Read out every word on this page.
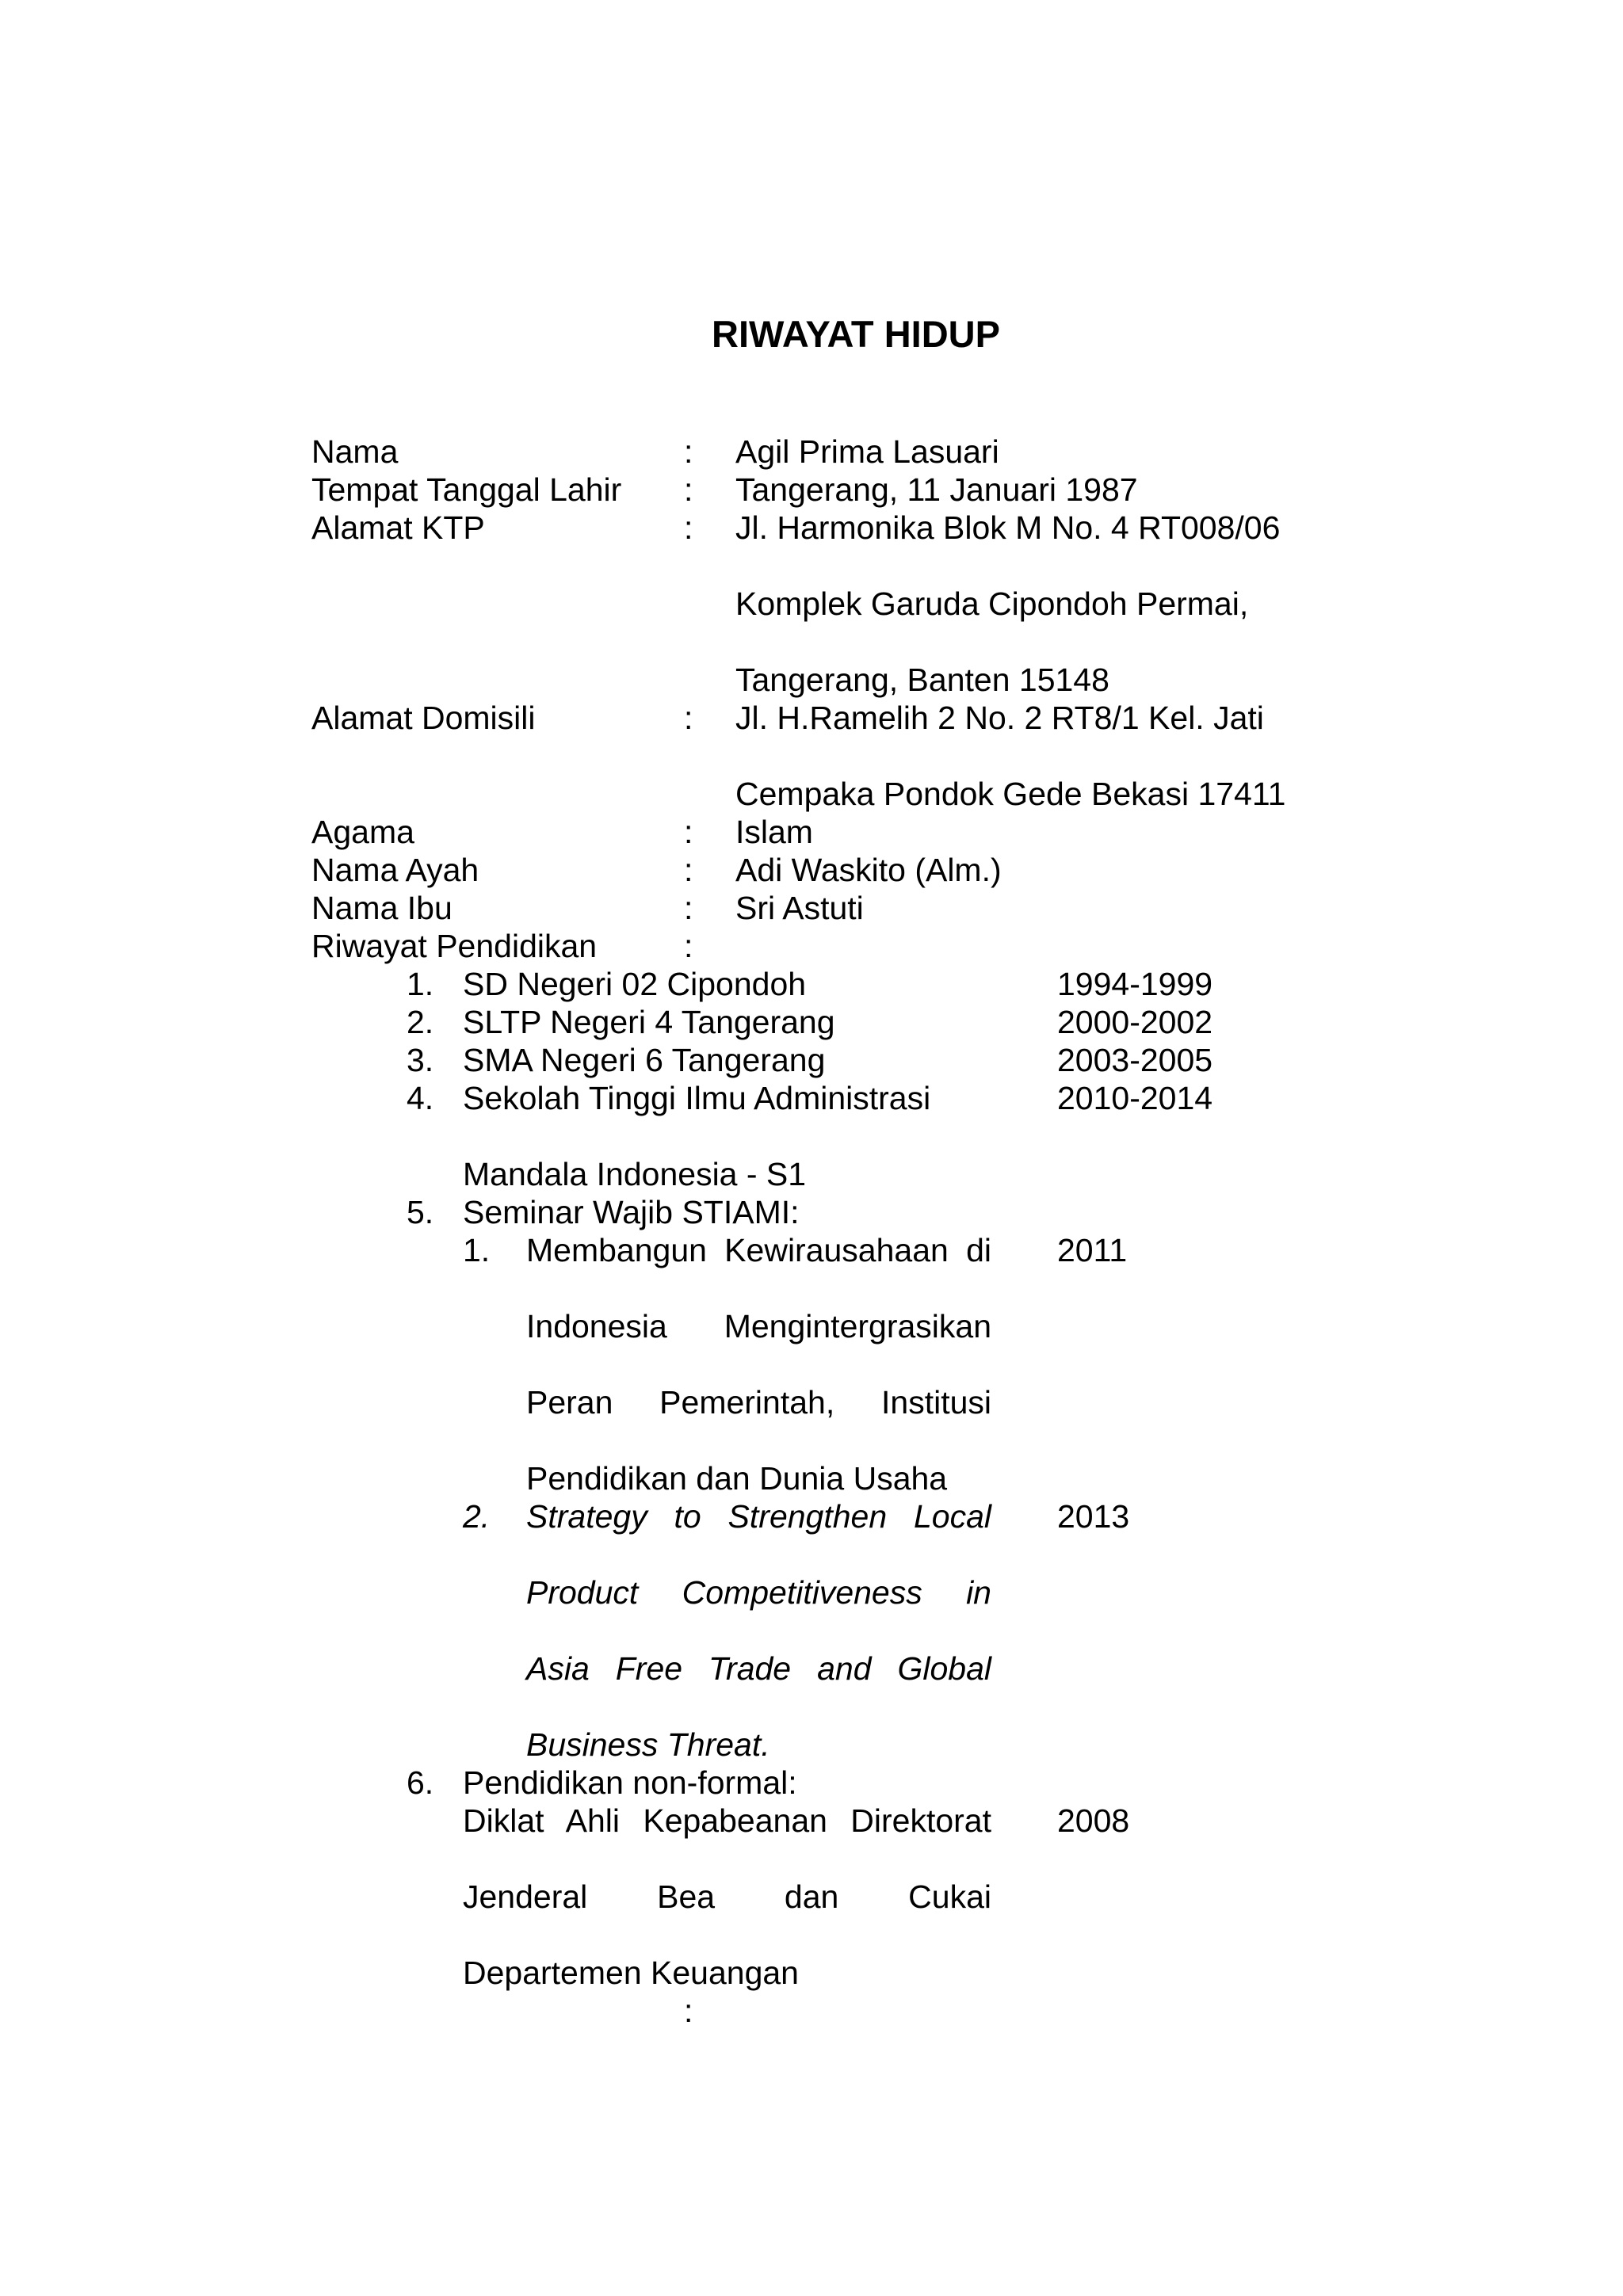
RIWAYAT HIDUP
Nama	: Agil Prima Lasuari
Tempat Tanggal Lahir : Tangerang, 11 Januari 1987
Alamat KTP	: Jl. Harmonika Blok M No. 4 RT008/06
Komplek Garuda Cipondoh Permai,
Tangerang, Banten 15148
Alamat Domisili	: Jl. H.Ramelih 2 No. 2 RT8/1 Kel. Jati
Cempaka Pondok Gede Bekasi 17411
Agama	: Islam
Nama Ayah	: Adi Waskito (Alm.)
Nama Ibu	: Sri Astuti
Riwayat Pendidikan	:
1. SD Negeri 02 Cipondoh	1994-1999
2. SLTP Negeri 4 Tangerang	2000-2002
3. SMA Negeri 6 Tangerang	2003-2005
4. Sekolah Tinggi Ilmu Administrasi	2010-2014
Mandala Indonesia - S1
5. Seminar Wajib STIAMI:
1. Membangun Kewirausahaan di 2011
Indonesia Mengintergrasikan
Peran Pemerintah, Institusi
Pendidikan dan Dunia Usaha
2. Strategy to Strengthen Local 2013
Product Competitiveness in
Asia Free Trade and Global
Business Threat.
6. Pendidikan non-formal:
Diklat Ahli Kepabeanan Direktorat 2008
Jenderal Bea dan Cukai
Departemen Keuangan
:
